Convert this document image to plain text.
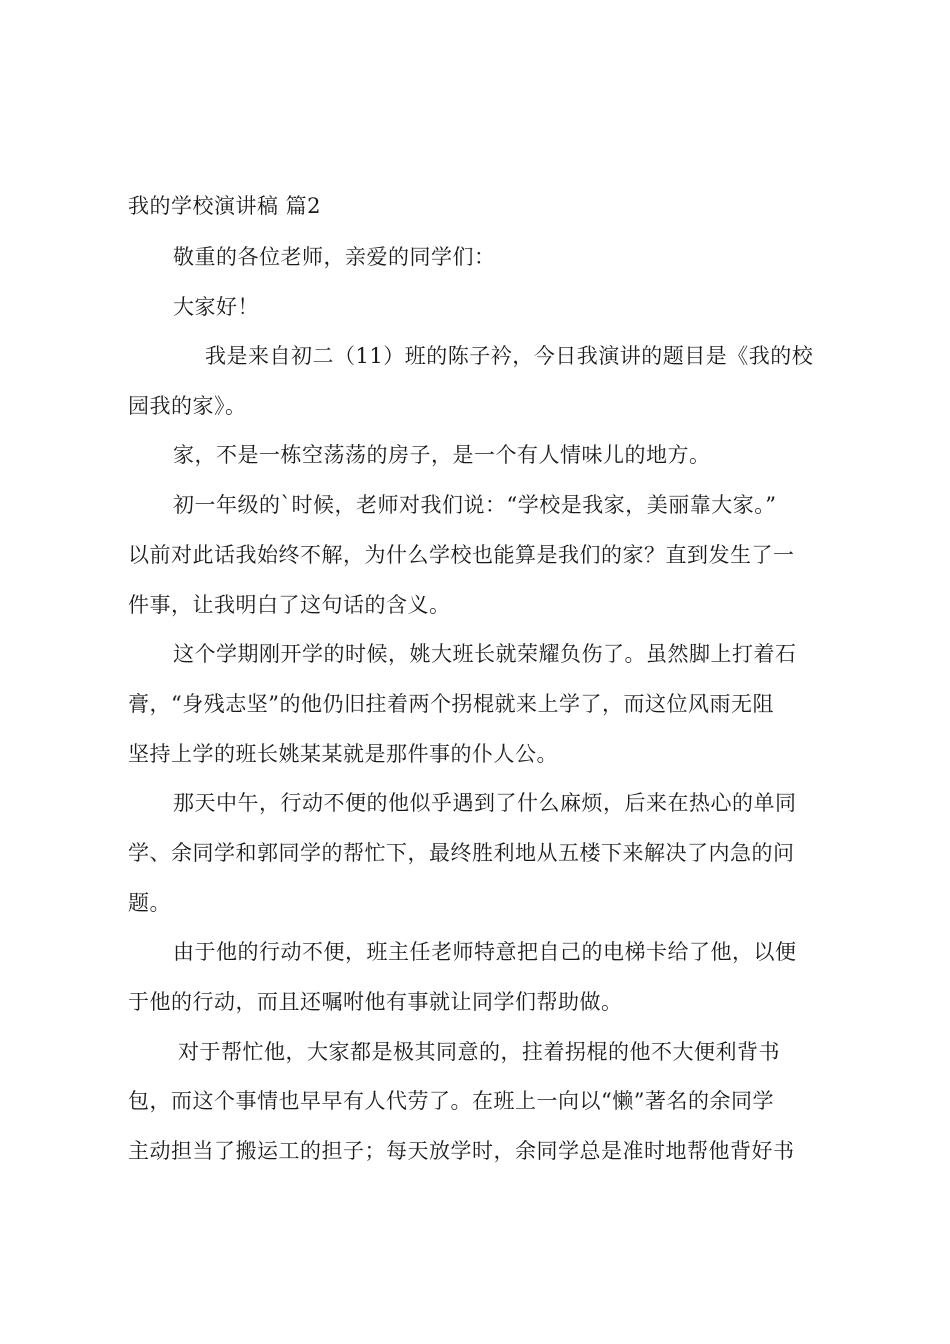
我的学校演讲稿 篇2
敬重的各位老师，亲爱的同学们：
大家好！
我是来自初二（11）班的陈子衿，今日我演讲的题目是《我的校
园我的家》。
家，不是一栋空荡荡的房子，是一个有人情味儿的地方。
初一年级的`时候，老师对我们说：“学校是我家，美丽靠大家。”
以前对此话我始终不解，为什么学校也能算是我们的家？直到发生了一
件事，让我明白了这句话的含义。
这个学期刚开学的时候，姚大班长就荣耀负伤了。虽然脚上打着石
膏，“身残志坚”的他仍旧拄着两个拐棍就来上学了，而这位风雨无阻
坚持上学的班长姚某某就是那件事的仆人公。
那天中午，行动不便的他似乎遇到了什么麻烦，后来在热心的单同
学、余同学和郭同学的帮忙下，最终胜利地从五楼下来解决了内急的问
题。
由于他的行动不便，班主任老师特意把自己的电梯卡给了他，以便
于他的行动，而且还嘱咐他有事就让同学们帮助做。
对于帮忙他，大家都是极其同意的，拄着拐棍的他不大便利背书
包，而这个事情也早早有人代劳了。在班上一向以“懒”著名的余同学
主动担当了搬运工的担子；每天放学时，余同学总是准时地帮他背好书
